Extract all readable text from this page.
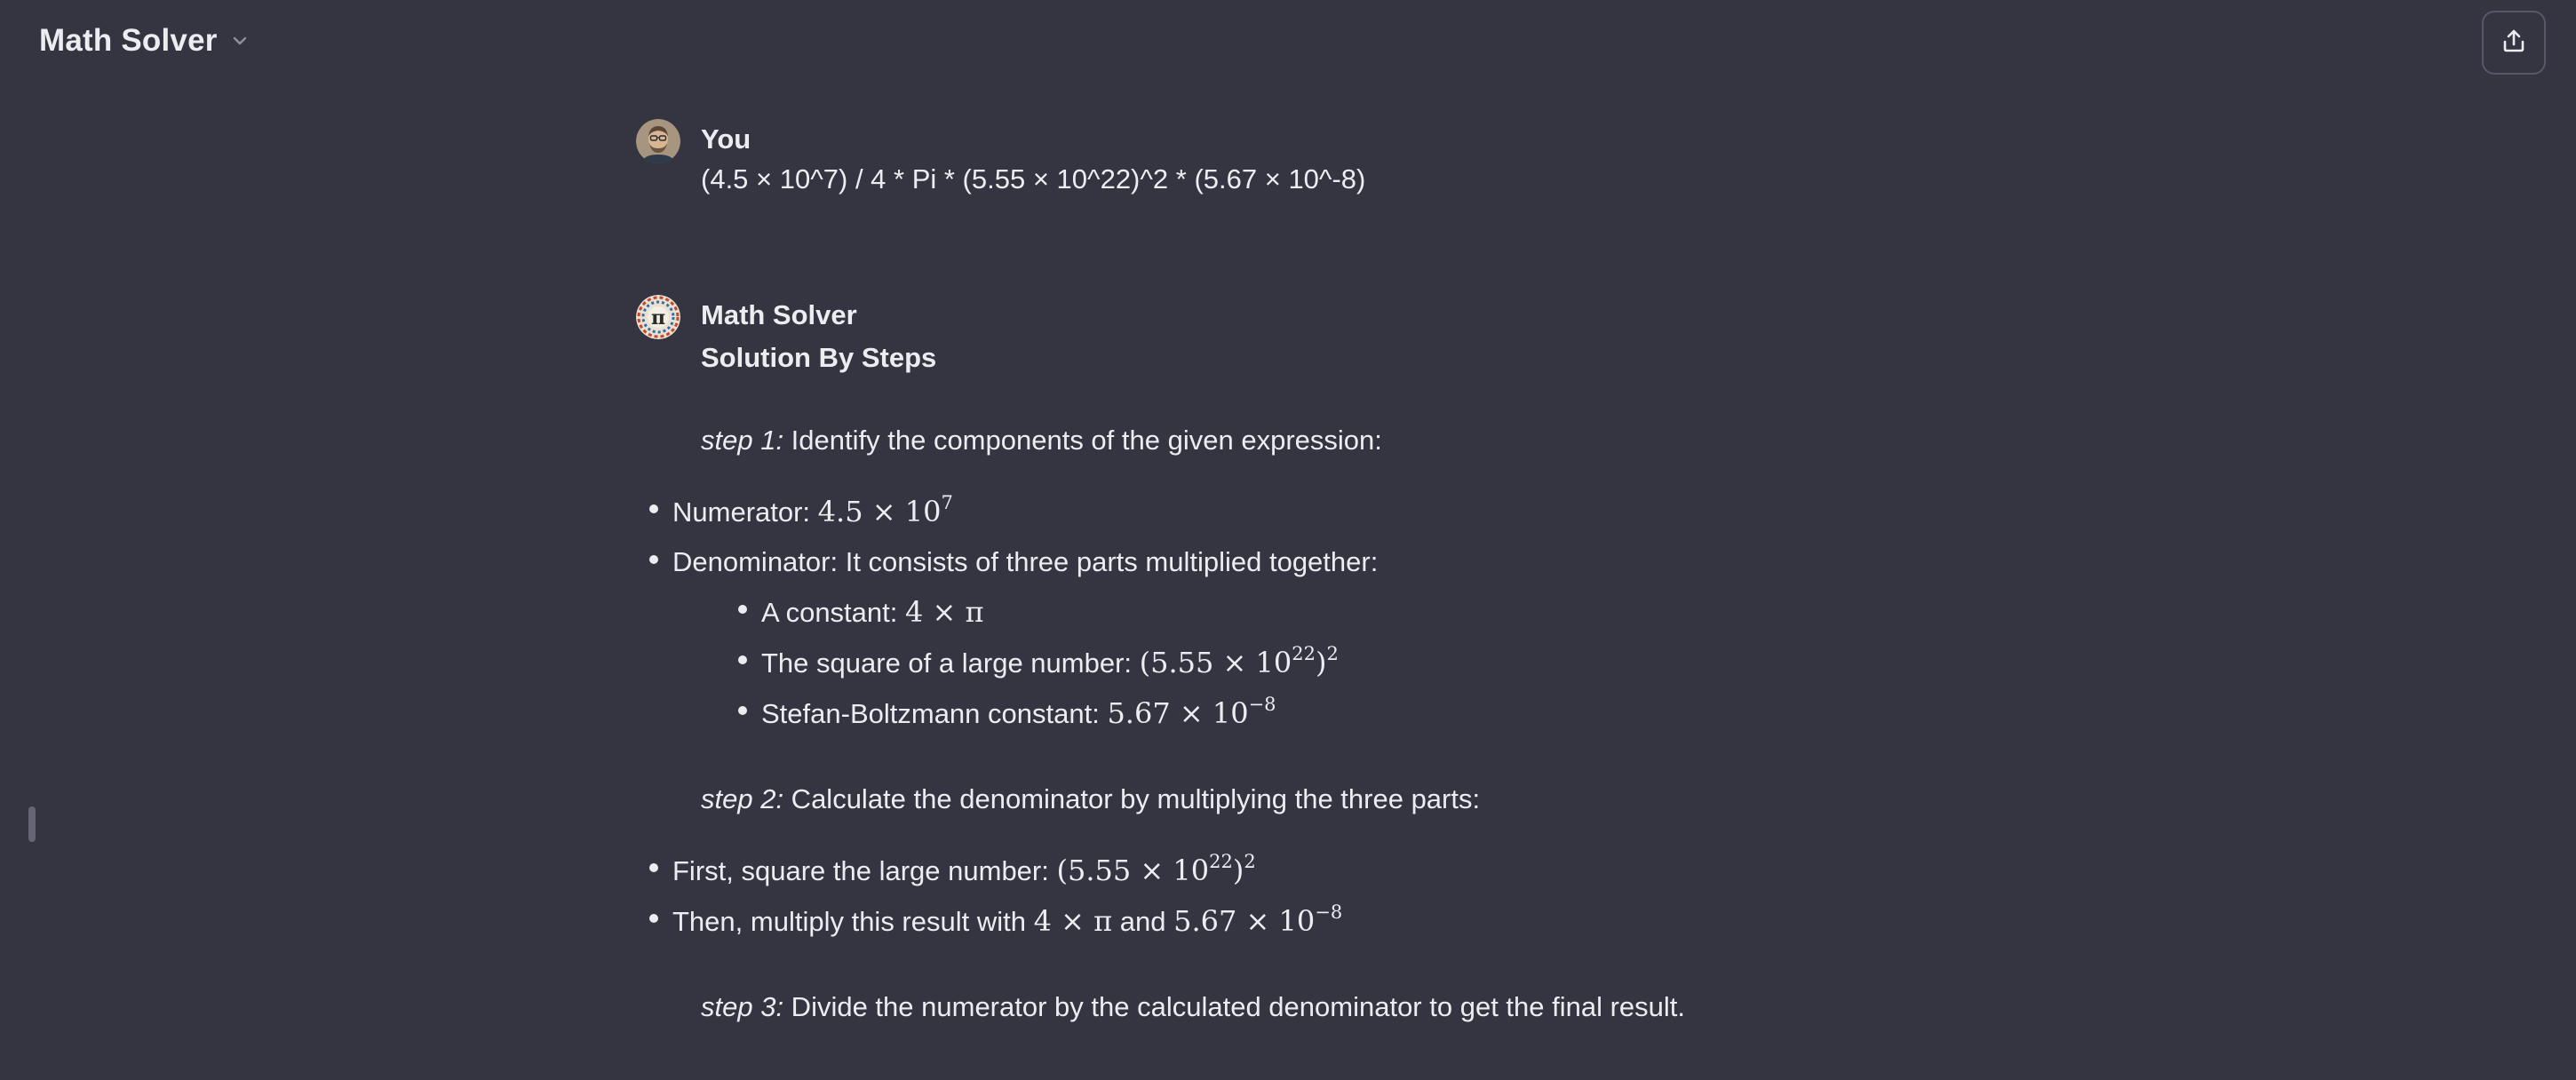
Math Solver
You
(4.5 × 10^7) / 4 * Pi * (5.55 × 10^22)^2 * (5.67 × 10^-8)
π Math Solver
Solution By Steps
step 1: Identify the components of the given expression:
Numerator: $4.5 \times 10^7$
Denominator: It consists of three parts multiplied together:
A constant: 4 × π
The square of a large number: $(5.55 \times 10^{22})^2$
Stefan-Boltzmann constant: $5.67 \times 10^{-8}$
step 2: Calculate the denominator by multiplying the three parts:
First, square the large number: $(5.55 \times 10^{22})^2$
Then, multiply this result with 4 × π and $5.67 \times 10^{-8}$
step 3: Divide the numerator by the calculated denominator to get the final result.
